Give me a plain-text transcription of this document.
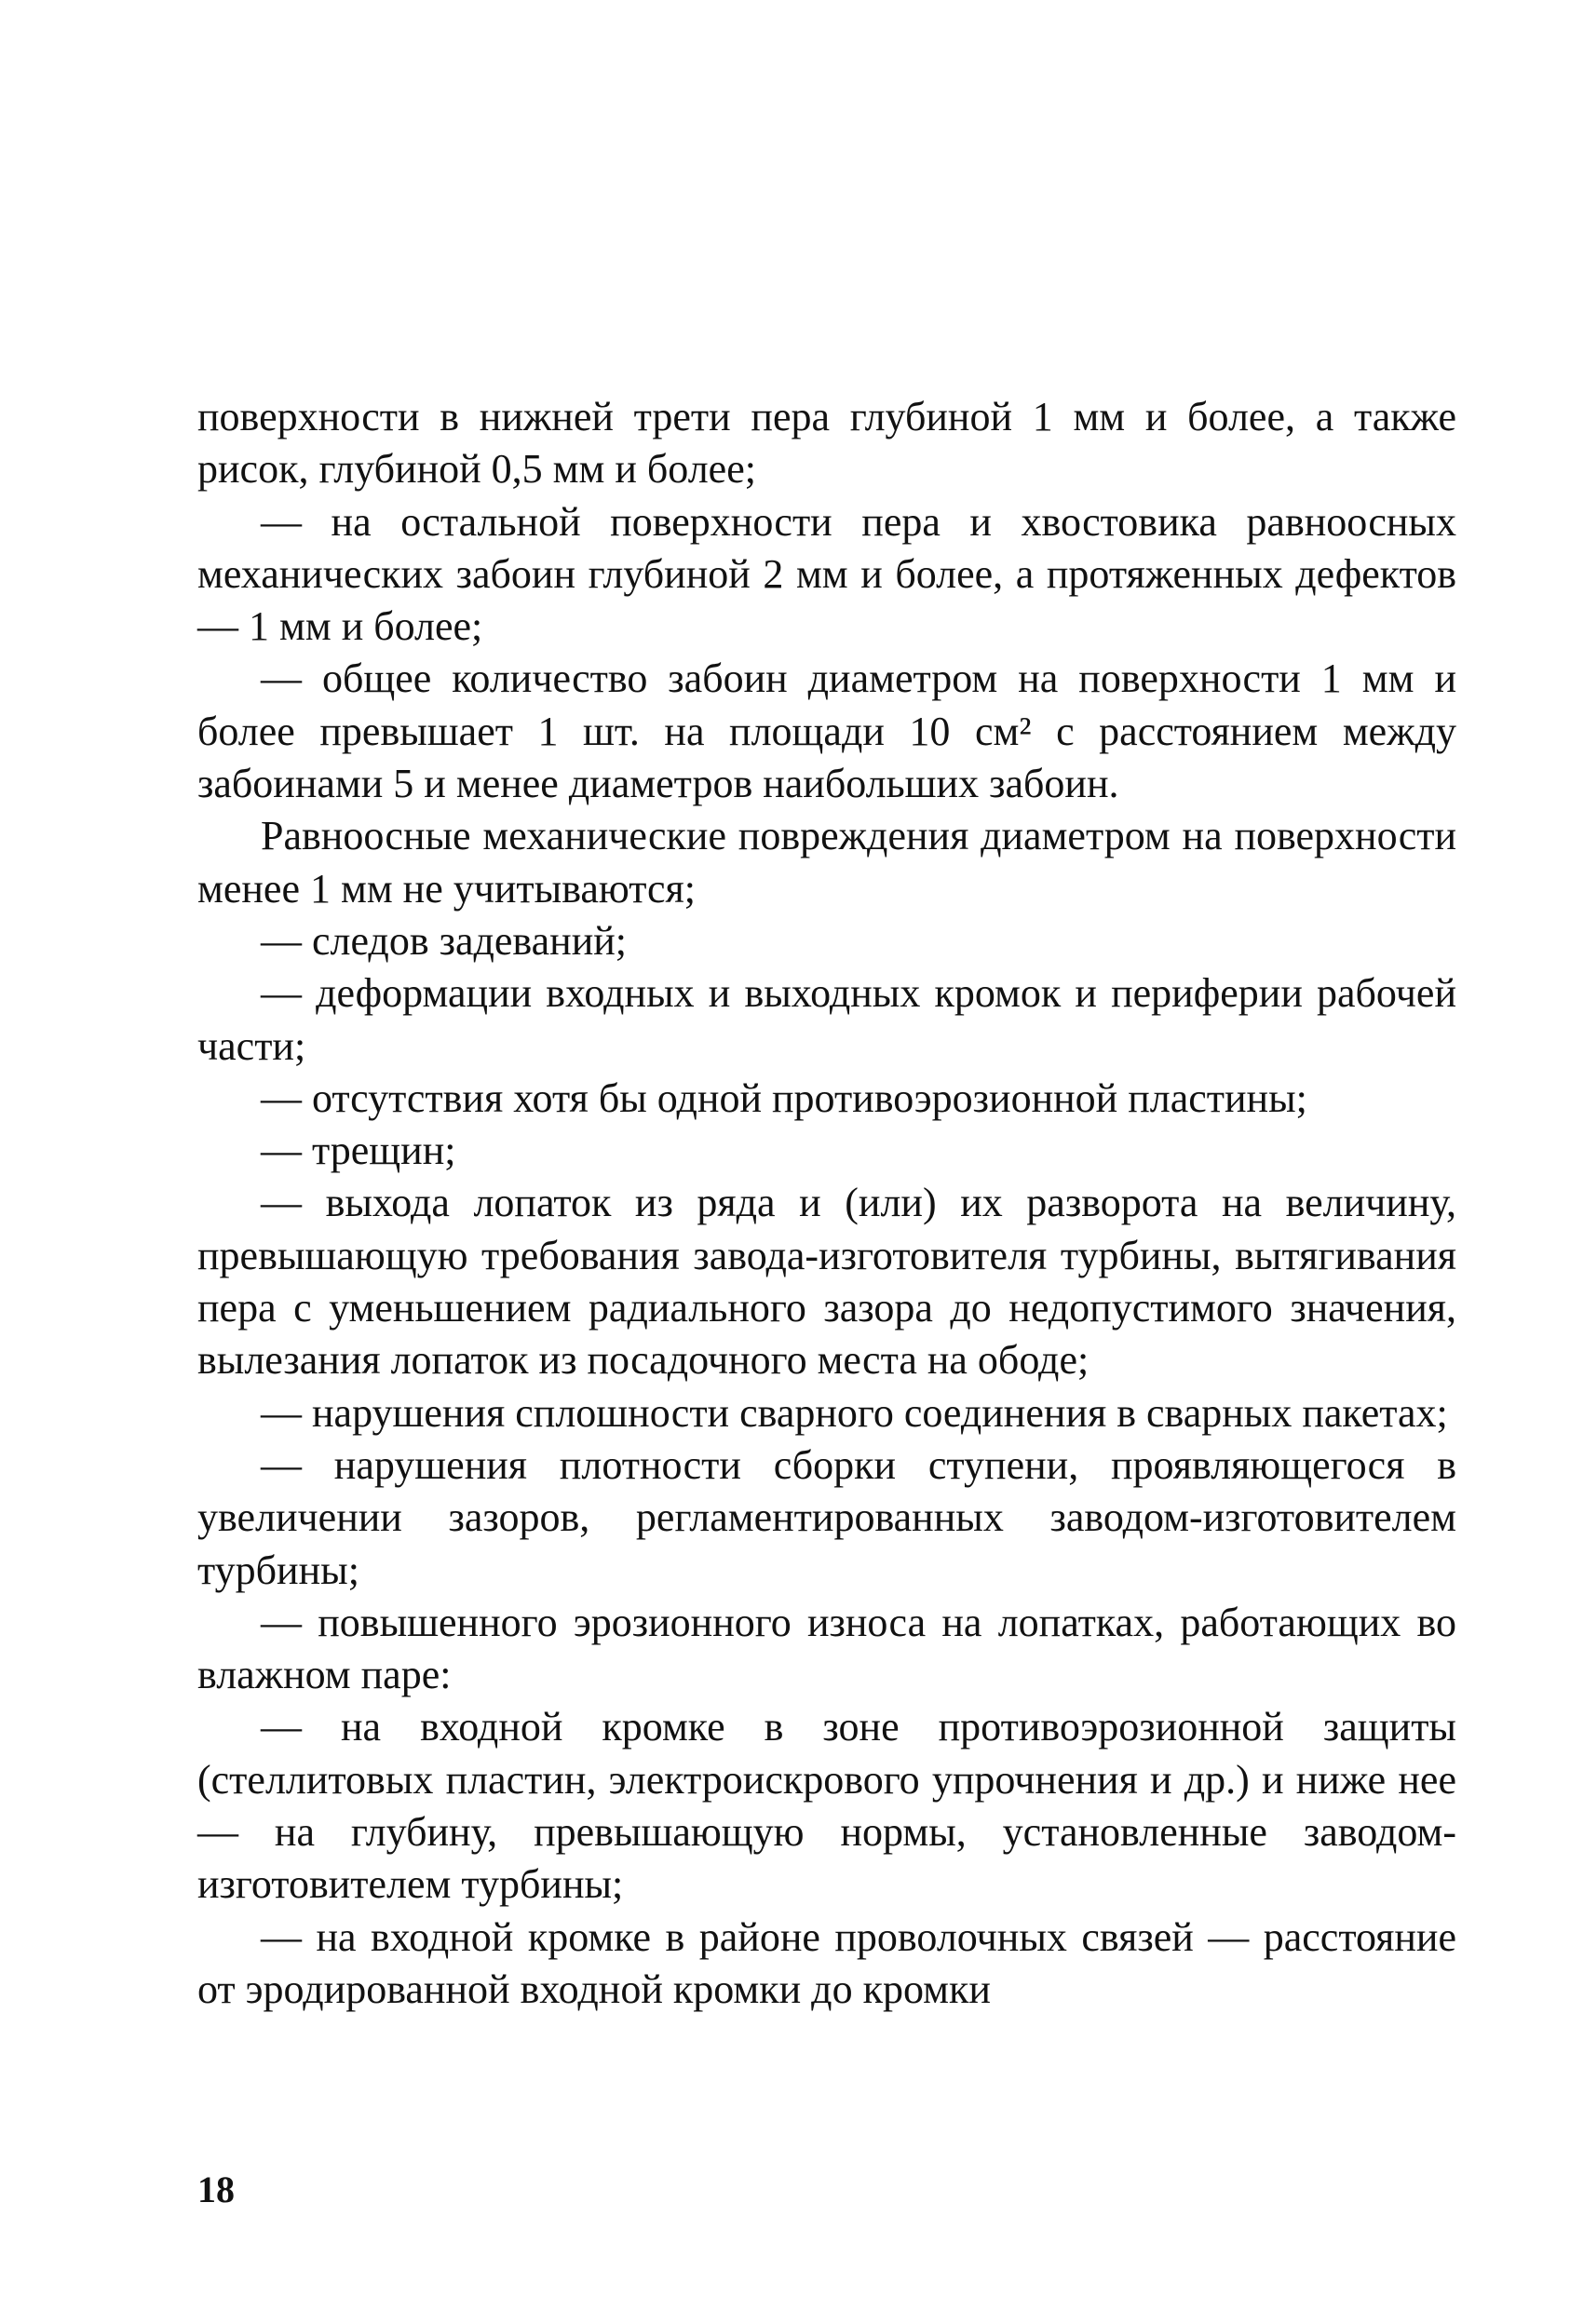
поверхности в нижней трети пера глубиной 1 мм и более, а также рисок, глубиной 0,5 мм и более;

— на остальной поверхности пера и хвостовика равноосных механических забоин глубиной 2 мм и более, а протяженных дефектов — 1 мм и более;

— общее количество забоин диаметром на поверхности 1 мм и более превышает 1 шт. на площади 10 см² с расстоянием между забоинами 5 и менее диаметров наибольших забоин.

Равноосные механические повреждения диаметром на поверхности менее 1 мм не учитываются;

— следов задеваний;

— деформации входных и выходных кромок и периферии рабочей части;

— отсутствия хотя бы одной противоэрозионной пластины;

— трещин;

— выхода лопаток из ряда и (или) их разворота на величину, превышающую требования завода-изготовителя турбины, вытягивания пера с уменьшением радиального зазора до недопустимого значения, вылезания лопаток из посадочного места на ободе;

— нарушения сплошности сварного соединения в сварных пакетах;

— нарушения плотности сборки ступени, проявляющегося в увеличении зазоров, регламентированных заводом-изготовителем турбины;

— повышенного эрозионного износа на лопатках, работающих во влажном паре:

— на входной кромке в зоне противоэрозионной защиты (стеллитовых пластин, электроискрового упрочнения и др.) и ниже нее — на глубину, превышающую нормы, установленные заводом-изготовителем турбины;

— на входной кромке в районе проволочных связей — расстояние от эродированной входной кромки до кромки

18
